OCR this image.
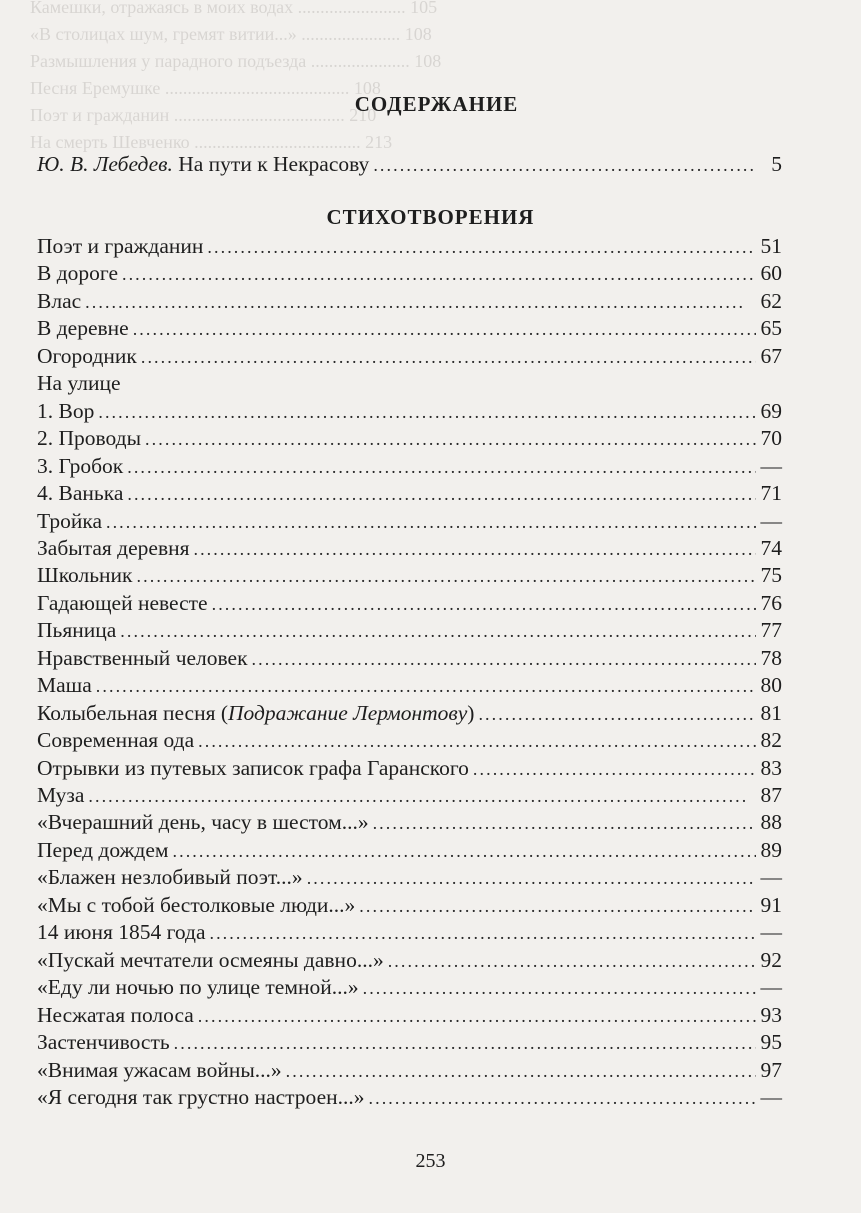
Камешки, отражаясь в моих водах ........................ 105
«В столицах шум, гремят витии...» ...................... 108
Размышления у парадного подъезда ...................... 108
Песня Еремушке ......................................... 108
Поэт и гражданин ...................................... 210
На смерть Шевченко ..................................... 213
СОДЕРЖАНИЕ
Ю. В. Лебедев. На пути к Некрасову . . .	5
СТИХОТВОРЕНИЯ
Поэт и гражданин . . .	51
В дороге . . .	60
Влас . . .	62
В деревне . . .	65
Огородник . . .	67
На улице
1. Вор . . .	69
2. Проводы . . .	70
3. Гробок . . .	—
4. Ванька . . .	71
Тройка . . .	—
Забытая деревня . . .	74
Школьник . . .	75
Гадающей невесте . . .	76
Пьяница . . .	77
Нравственный человек . . .	78
Маша . . .	80
Колыбельная песня (Подражание Лермонтову) . . .	81
Современная ода . . .	82
Отрывки из путевых записок графа Гаранского . . .	83
Муза . . .	87
«Вчерашний день, часу в шестом...» . . .	88
Перед дождем . . .	89
«Блажен незлобивый поэт...» . . .	—
«Мы с тобой бестолковые люди...» . . .	91
14 июня 1854 года . . .	—
«Пускай мечтатели осмеяны давно...» . . .	92
«Еду ли ночью по улице темной...» . . .	—
Несжатая полоса . . .	93
Застенчивость . . .	95
«Внимая ужасам войны...» . . .	97
«Я сегодня так грустно настроен...» . . .	—
253
